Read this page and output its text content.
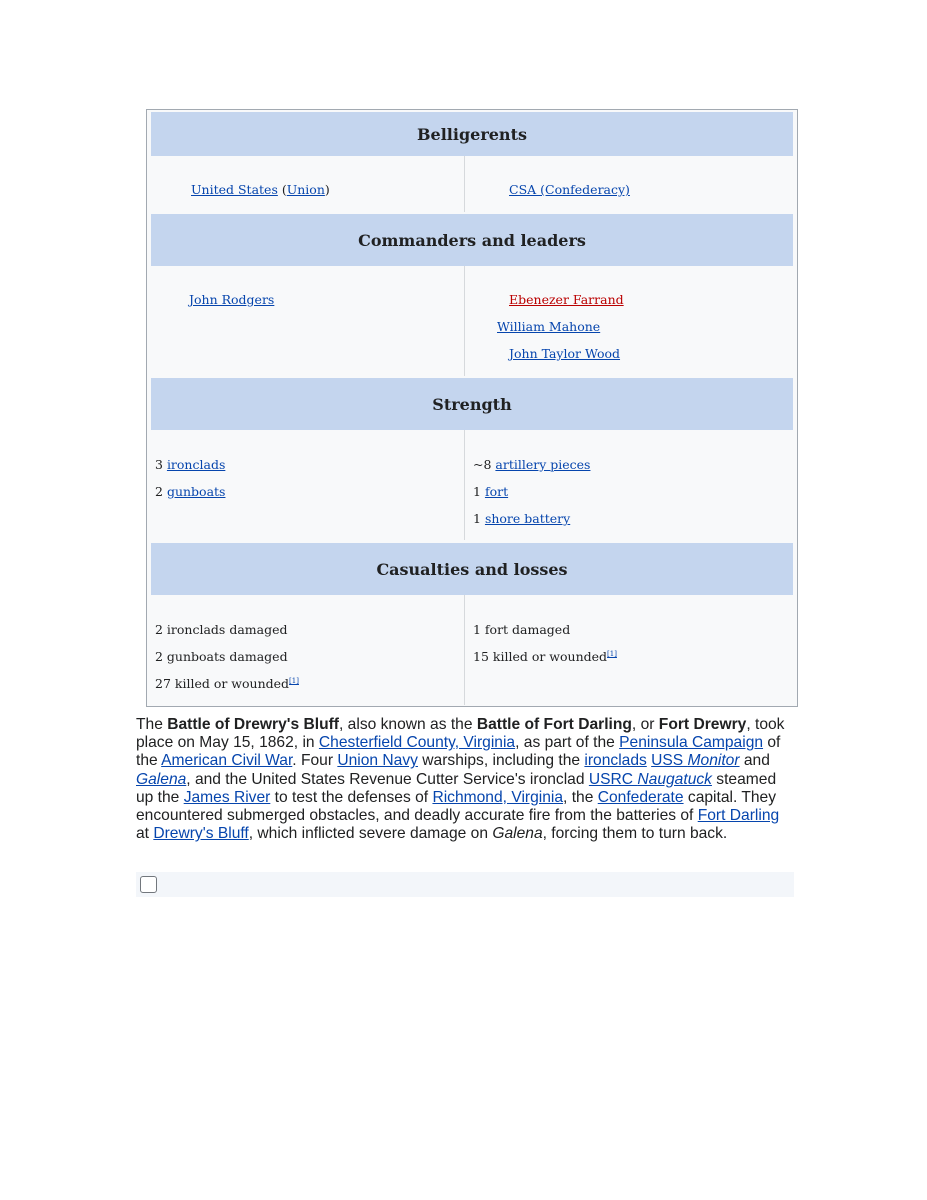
Belligerents
United States (Union)	CSA (Confederacy)
Commanders and leaders
John Rodgers	Ebenezer Farrand
William Mahone
John Taylor Wood
Strength
3 ironclads
2 gunboats
~8 artillery pieces
1 fort
1 shore battery
Casualties and losses
2 ironclads damaged
2 gunboats damaged
27 killed or wounded[1]
1 fort damaged
15 killed or wounded[1]
The Battle of Drewry's Bluff, also known as the Battle of Fort Darling, or Fort Drewry, took place on May 15, 1862, in Chesterfield County, Virginia, as part of the Peninsula Campaign of the American Civil War. Four Union Navy warships, including the ironclads USS Monitor and Galena, and the United States Revenue Cutter Service's ironclad USRC Naugatuck steamed up the James River to test the defenses of Richmond, Virginia, the Confederate capital. They encountered submerged obstacles, and deadly accurate fire from the batteries of Fort Darling at Drewry's Bluff, which inflicted severe damage on Galena, forcing them to turn back.
